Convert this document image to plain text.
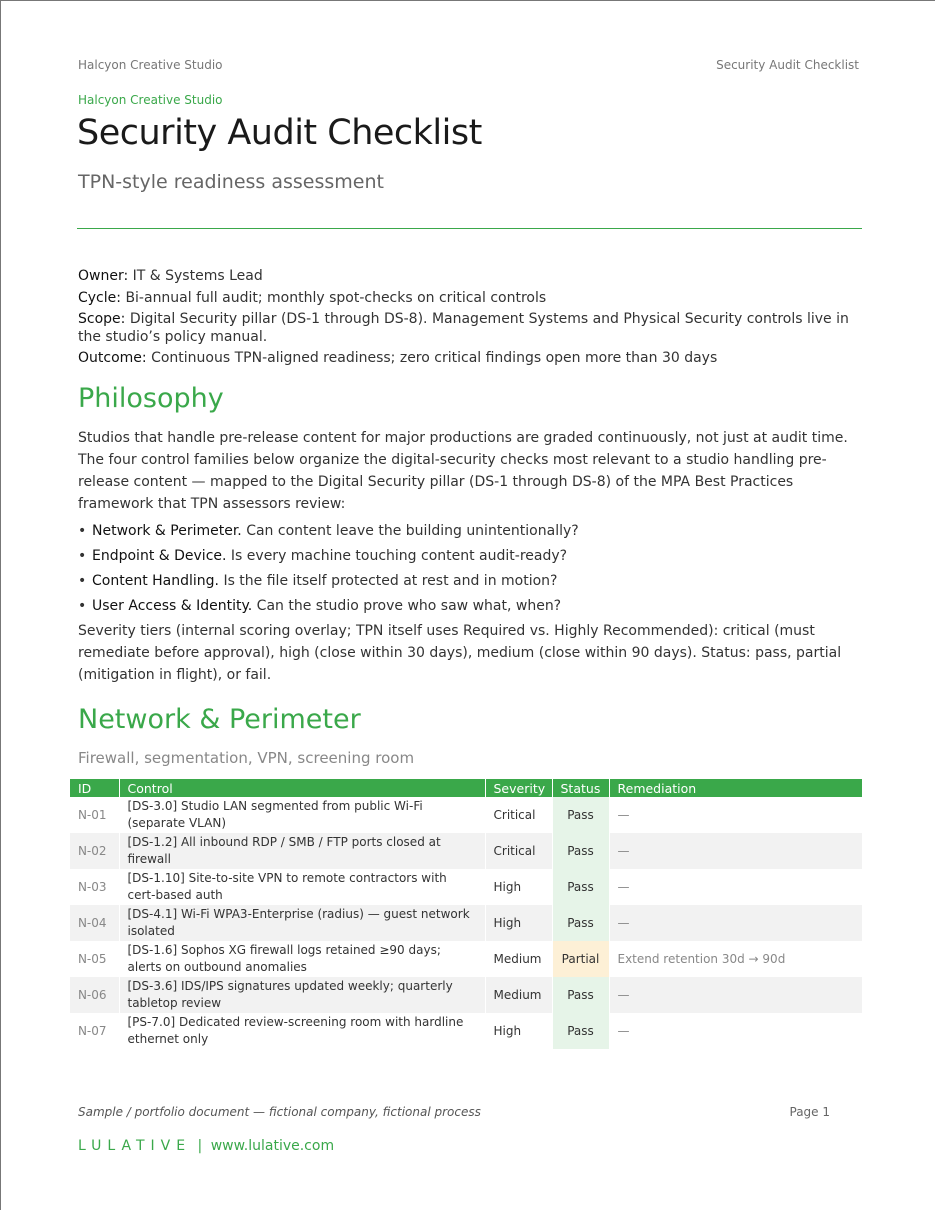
Halcyon Creative Studio	Security Audit Checklist
Halcyon Creative Studio
Security Audit Checklist
TPN-style readiness assessment
Owner: IT & Systems Lead
Cycle: Bi-annual full audit; monthly spot-checks on critical controls
Scope: Digital Security pillar (DS-1 through DS-8). Management Systems and Physical Security controls live in the studio’s policy manual.
Outcome: Continuous TPN-aligned readiness; zero critical findings open more than 30 days
Philosophy
Studios that handle pre-release content for major productions are graded continuously, not just at audit time. The four control families below organize the digital-security checks most relevant to a studio handling pre-release content — mapped to the Digital Security pillar (DS-1 through DS-8) of the MPA Best Practices framework that TPN assessors review:
• Network & Perimeter. Can content leave the building unintentionally?
• Endpoint & Device. Is every machine touching content audit-ready?
• Content Handling. Is the file itself protected at rest and in motion?
• User Access & Identity. Can the studio prove who saw what, when?
Severity tiers (internal scoring overlay; TPN itself uses Required vs. Highly Recommended): critical (must remediate before approval), high (close within 30 days), medium (close within 90 days). Status: pass, partial (mitigation in flight), or fail.
Network & Perimeter
Firewall, segmentation, VPN, screening room
ID	Control	Severity	Status	Remediation
N-01	[DS-3.0] Studio LAN segmented from public Wi-Fi (separate VLAN)	Critical	Pass	—
N-02	[DS-1.2] All inbound RDP / SMB / FTP ports closed at firewall	Critical	Pass	—
N-03	[DS-1.10] Site-to-site VPN to remote contractors with cert-based auth	High	Pass	—
N-04	[DS-4.1] Wi-Fi WPA3-Enterprise (radius) — guest network isolated	High	Pass	—
N-05	[DS-1.6] Sophos XG firewall logs retained ≥90 days; alerts on outbound anomalies	Medium	Partial	Extend retention 30d → 90d
N-06	[DS-3.6] IDS/IPS signatures updated weekly; quarterly tabletop review	Medium	Pass	—
N-07	[PS-7.0] Dedicated review-screening room with hardline ethernet only	High	Pass	—
Sample / portfolio document — fictional company, fictional process	Page 1
LULATIVE | www.lulative.com
